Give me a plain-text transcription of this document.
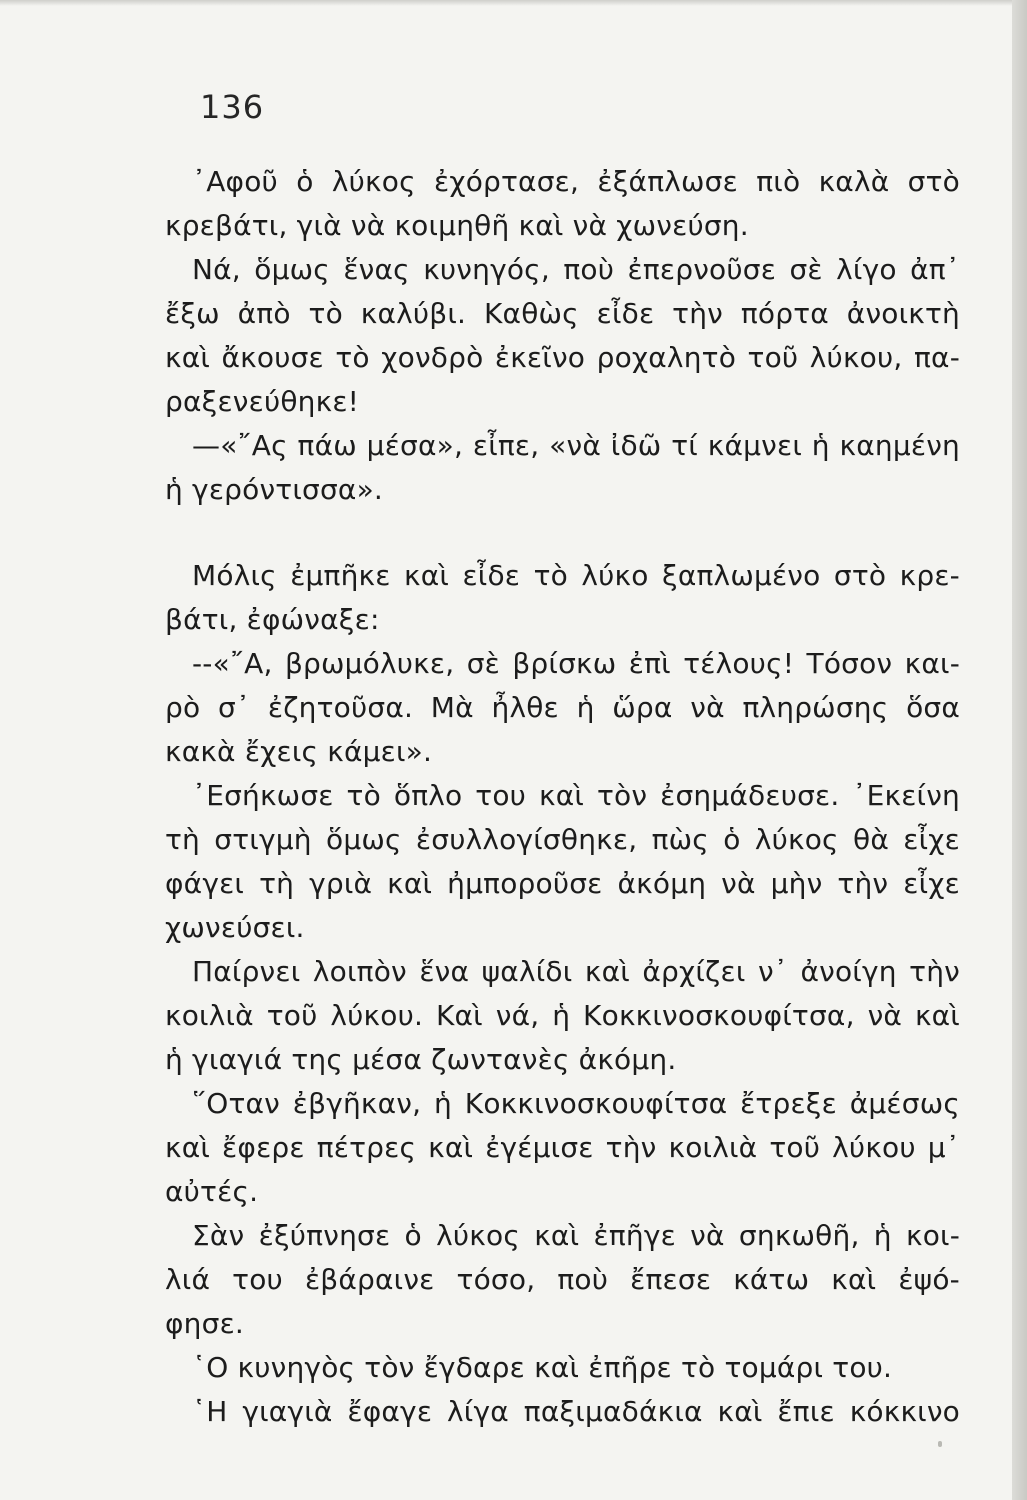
136
᾿Αφοῦ ὁ λύκος ἐχόρτασε, ἐξάπλωσε πιὸ καλὰ στὸ
κρεβάτι, γιὰ νὰ κοιμηθῆ καὶ νὰ χωνεύση.
Νά, ὅμως ἕνας κυνηγός, ποὺ ἐπερνοῦσε σὲ λίγο ἀπ᾿
ἔξω ἀπὸ τὸ καλύβι. Καθὼς εἶδε τὴν πόρτα ἀνοικτὴ
καὶ ἄκουσε τὸ χονδρὸ ἐκεῖνο ροχαλητὸ τοῦ λύκου, πα-
ραξενεύθηκε!
—«῎Ας πάω μέσα», εἶπε, «νὰ ἰδῶ τί κάμνει ἡ καημένη
ἡ γερόντισσα».
Μόλις ἐμπῆκε καὶ εἶδε τὸ λύκο ξαπλωμένο στὸ κρε-
βάτι, ἐφώναξε:
--«῎Α, βρωμόλυκε, σὲ βρίσκω ἐπὶ τέλους! Τόσον και-
ρὸ σ᾿ ἐζητοῦσα. Μὰ ἦλθε ἡ ὥρα νὰ πληρώσης ὅσα
κακὰ ἔχεις κάμει».
᾿Εσήκωσε τὸ ὅπλο του καὶ τὸν ἐσημάδευσε. ᾿Εκείνη
τὴ στιγμὴ ὅμως ἐσυλλογίσθηκε, πὼς ὁ λύκος θὰ εἶχε
φάγει τὴ γριὰ καὶ ἠμποροῦσε ἀκόμη νὰ μὴν τὴν εἶχε
χωνεύσει.
Παίρνει λοιπὸν ἕνα ψαλίδι καὶ ἀρχίζει ν᾿ ἀνοίγη τὴν
κοιλιὰ τοῦ λύκου. Καὶ νά, ἡ Κοκκινοσκουφίτσα, νὰ καὶ
ἡ γιαγιά της μέσα ζωντανὲς ἀκόμη.
῞Οταν ἐβγῆκαν, ἡ Κοκκινοσκουφίτσα ἔτρεξε ἀμέσως
καὶ ἔφερε πέτρες καὶ ἐγέμισε τὴν κοιλιὰ τοῦ λύκου μ᾿
αὐτές.
Σὰν ἐξύπνησε ὁ λύκος καὶ ἐπῆγε νὰ σηκωθῆ, ἡ κοι-
λιά του ἐβάραινε τόσο, ποὺ ἔπεσε κάτω καὶ ἐψό-
φησε.
῾Ο κυνηγὸς τὸν ἔγδαρε καὶ ἐπῆρε τὸ τομάρι του.
῾Η γιαγιὰ ἔφαγε λίγα παξιμαδάκια καὶ ἔπιε κόκκινο
